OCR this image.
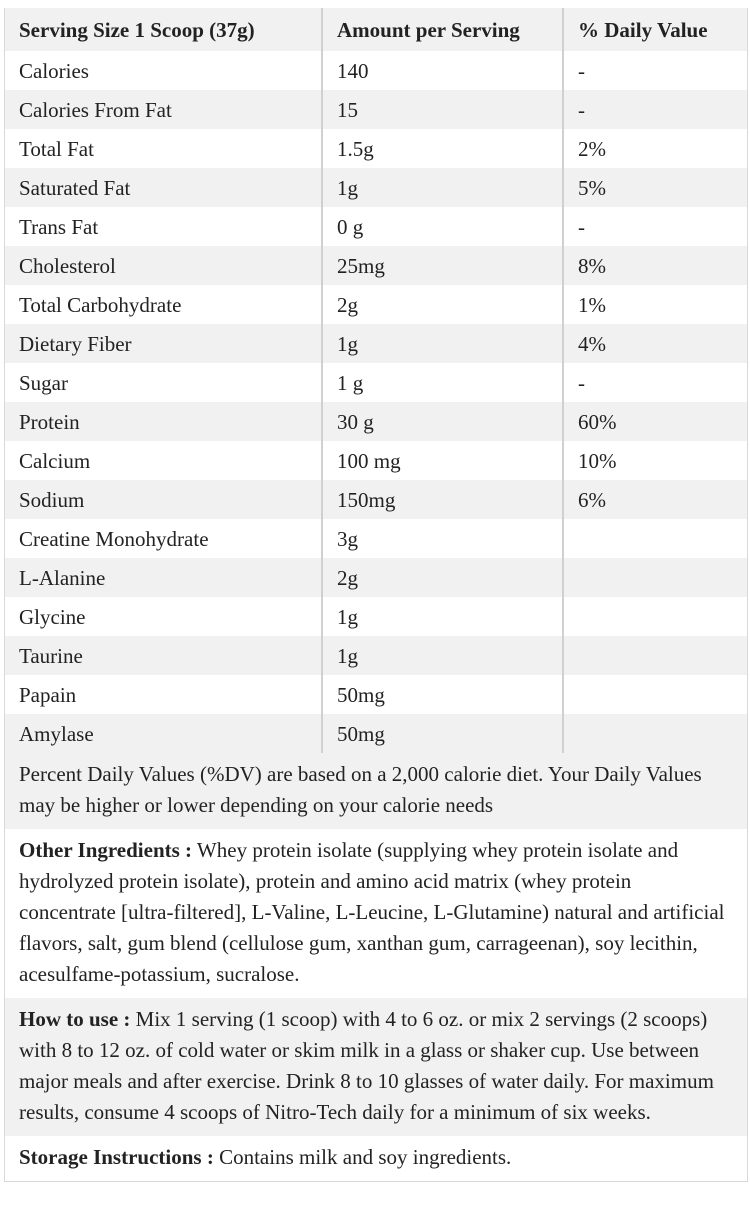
Serving Size 1 Scoop (37g)	Amount per Serving	% Daily Value
Calories	140	-
Calories From Fat	15	-
Total Fat	1.5g	2%
Saturated Fat	1g	5%
Trans Fat	0 g	-
Cholesterol	25mg	8%
Total Carbohydrate	2g	1%
Dietary Fiber	1g	4%
Sugar	1 g	-
Protein	30 g	60%
Calcium	100 mg	10%
Sodium	150mg	6%
Creatine Monohydrate	3g	
L-Alanine	2g	
Glycine	1g	
Taurine	1g	
Papain	50mg	
Amylase	50mg	
Percent Daily Values (%DV) are based on a 2,000 calorie diet. Your Daily Values may be higher or lower depending on your calorie needs
Other Ingredients : Whey protein isolate (supplying whey protein isolate and hydrolyzed protein isolate), protein and amino acid matrix (whey protein concentrate [ultra-filtered], L-Valine, L-Leucine, L-Glutamine) natural and artificial flavors, salt, gum blend (cellulose gum, xanthan gum, carrageenan), soy lecithin, acesulfame-potassium, sucralose.
How to use : Mix 1 serving (1 scoop) with 4 to 6 oz. or mix 2 servings (2 scoops) with 8 to 12 oz. of cold water or skim milk in a glass or shaker cup. Use between major meals and after exercise. Drink 8 to 10 glasses of water daily. For maximum results, consume 4 scoops of Nitro-Tech daily for a minimum of six weeks.
Storage Instructions : Contains milk and soy ingredients.
